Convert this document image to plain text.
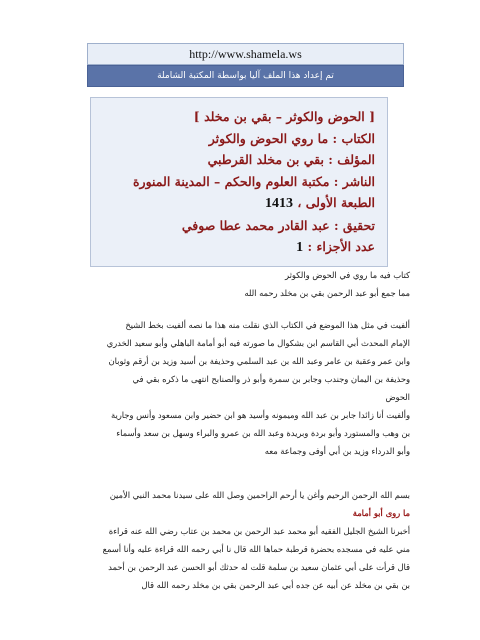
http://www.shamela.ws
تم إعداد هذا الملف آليا بواسطة المكتبة الشاملة
[ الحوض والكوثر – بقي بن مخلد ]
الكتاب : ما روي الحوض والكوثر
المؤلف : بقي بن مخلد القرطبي
الناشر : مكتبة العلوم والحكم – المدينة المنورة
الطبعة الأولى ، 1413
تحقيق : عبد القادر محمد عطا صوفي
عدد الأجزاء : 1
كتاب فيه ما روي في الحوض والكوثر
مما جمع أبو عبد الرحمن بقي بن مخلد رحمه الله
ألفيت في مثل هذا الموضع في الكتاب الذي نقلت منه هذا ما نصه ألفيت بخط الشيخ
الإمام المحدث أبي القاسم ابن بشكوال ما صورته فيه أبو أمامة الباهلي وأبو سعيد الخدري
وابن عمر وعقبة بن عامر وعبد الله بن عبد السلمي وحذيفة بن أسيد وزيد بن أرقم وثوبان
وحذيفة بن اليمان وجندب وجابر بن سمرة وأبو ذر والصنابح انتهى ما ذكره بقي في
الحوض
وألفيت أنا زائدا جابر بن عبد الله وميمونه وأسيد هو ابن حضير وابن مسعود وأنس وجارية
بن وهب والمستورد وأبو بردة وبريدة وعبد الله بن عمرو والبراء وسهل بن سعد وأسماء
وأبو الدرداء وزيد بن أبي أوفى وجماعة معه
بسم الله الرحمن الرحيم وأغن يا أرحم الراحمين وصل الله على سيدنا محمد النبي الأمين
ما روى أبو أمامة
أخبرنا الشيخ الجليل الفقيه أبو محمد عبد الرحمن بن محمد بن عتاب رضي الله عنه قراءة
مني عليه في مسجده بحضرة قرطبة حماها الله قال نا أبي رحمه الله قراءة عليه وأنا أسمع
قال قرأت على أبي عثمان سعيد بن سلمة قلت له حدثك أبو الحسن عبد الرحمن بن أحمد
بن بقي بن مخلد عن أبيه عن جده أبي عبد الرحمن بقي بن مخلد رحمه الله قال
